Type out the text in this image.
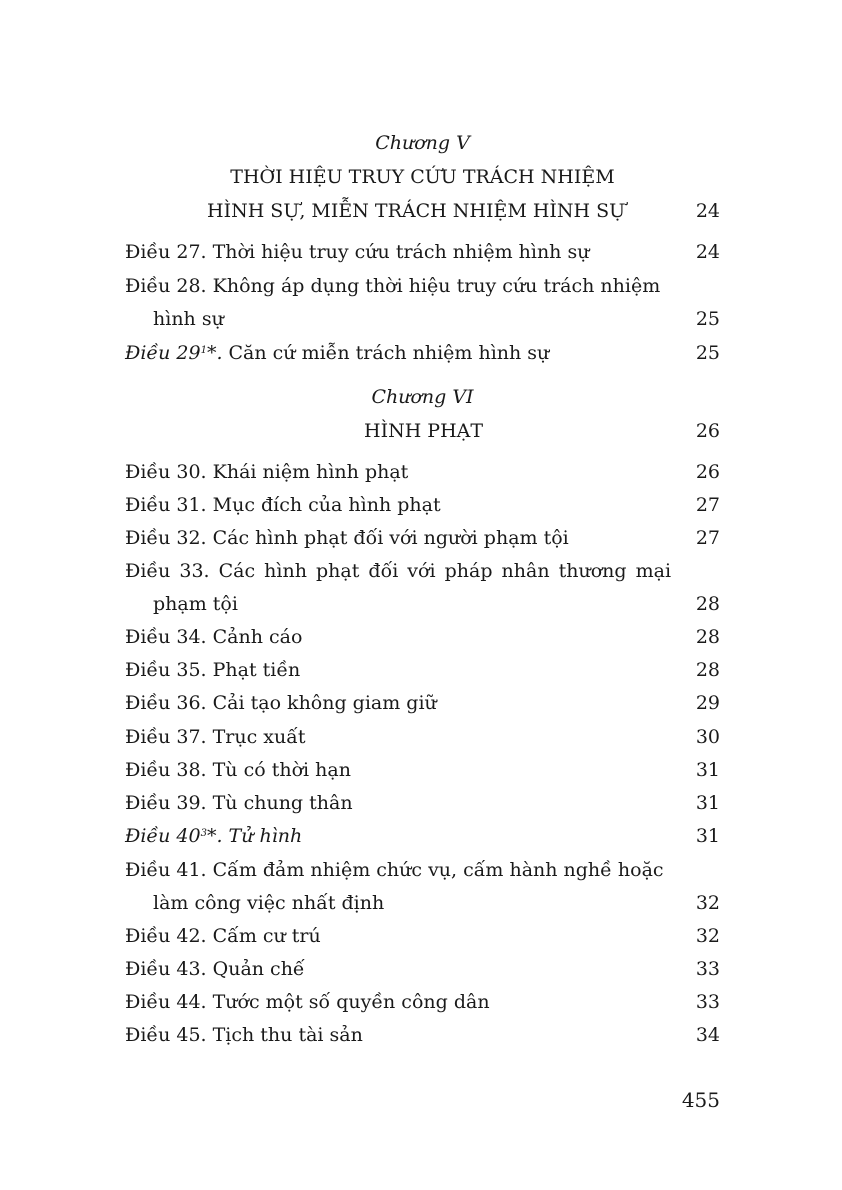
Chương V
THỜI HIỆU TRUY CỨU TRÁCH NHIỆM
HÌNH SỰ, MIỄN TRÁCH NHIỆM HÌNH SỰ	24
Điều 27. Thời hiệu truy cứu trách nhiệm hình sự	24
Điều 28. Không áp dụng thời hiệu truy cứu trách nhiệm
hình sự	25
Điều $29^1*$. Căn cứ miễn trách nhiệm hình sự	25
Chương VI
HÌNH PHẠT	26
Điều 30. Khái niệm hình phạt	26
Điều 31. Mục đích của hình phạt	27
Điều 32. Các hình phạt đối với người phạm tội	27
Điều 33. Các hình phạt đối với pháp nhân thương mại
phạm tội	28
Điều 34. Cảnh cáo	28
Điều 35. Phạt tiền	28
Điều 36. Cải tạo không giam giữ	29
Điều 37. Trục xuất	30
Điều 38. Tù có thời hạn	31
Điều 39. Tù chung thân	31
Điều $40^3*$. Tử hình	31
Điều 41. Cấm đảm nhiệm chức vụ, cấm hành nghề hoặc
làm công việc nhất định	32
Điều 42. Cấm cư trú	32
Điều 43. Quản chế	33
Điều 44. Tước một số quyền công dân	33
Điều 45. Tịch thu tài sản	34
455
